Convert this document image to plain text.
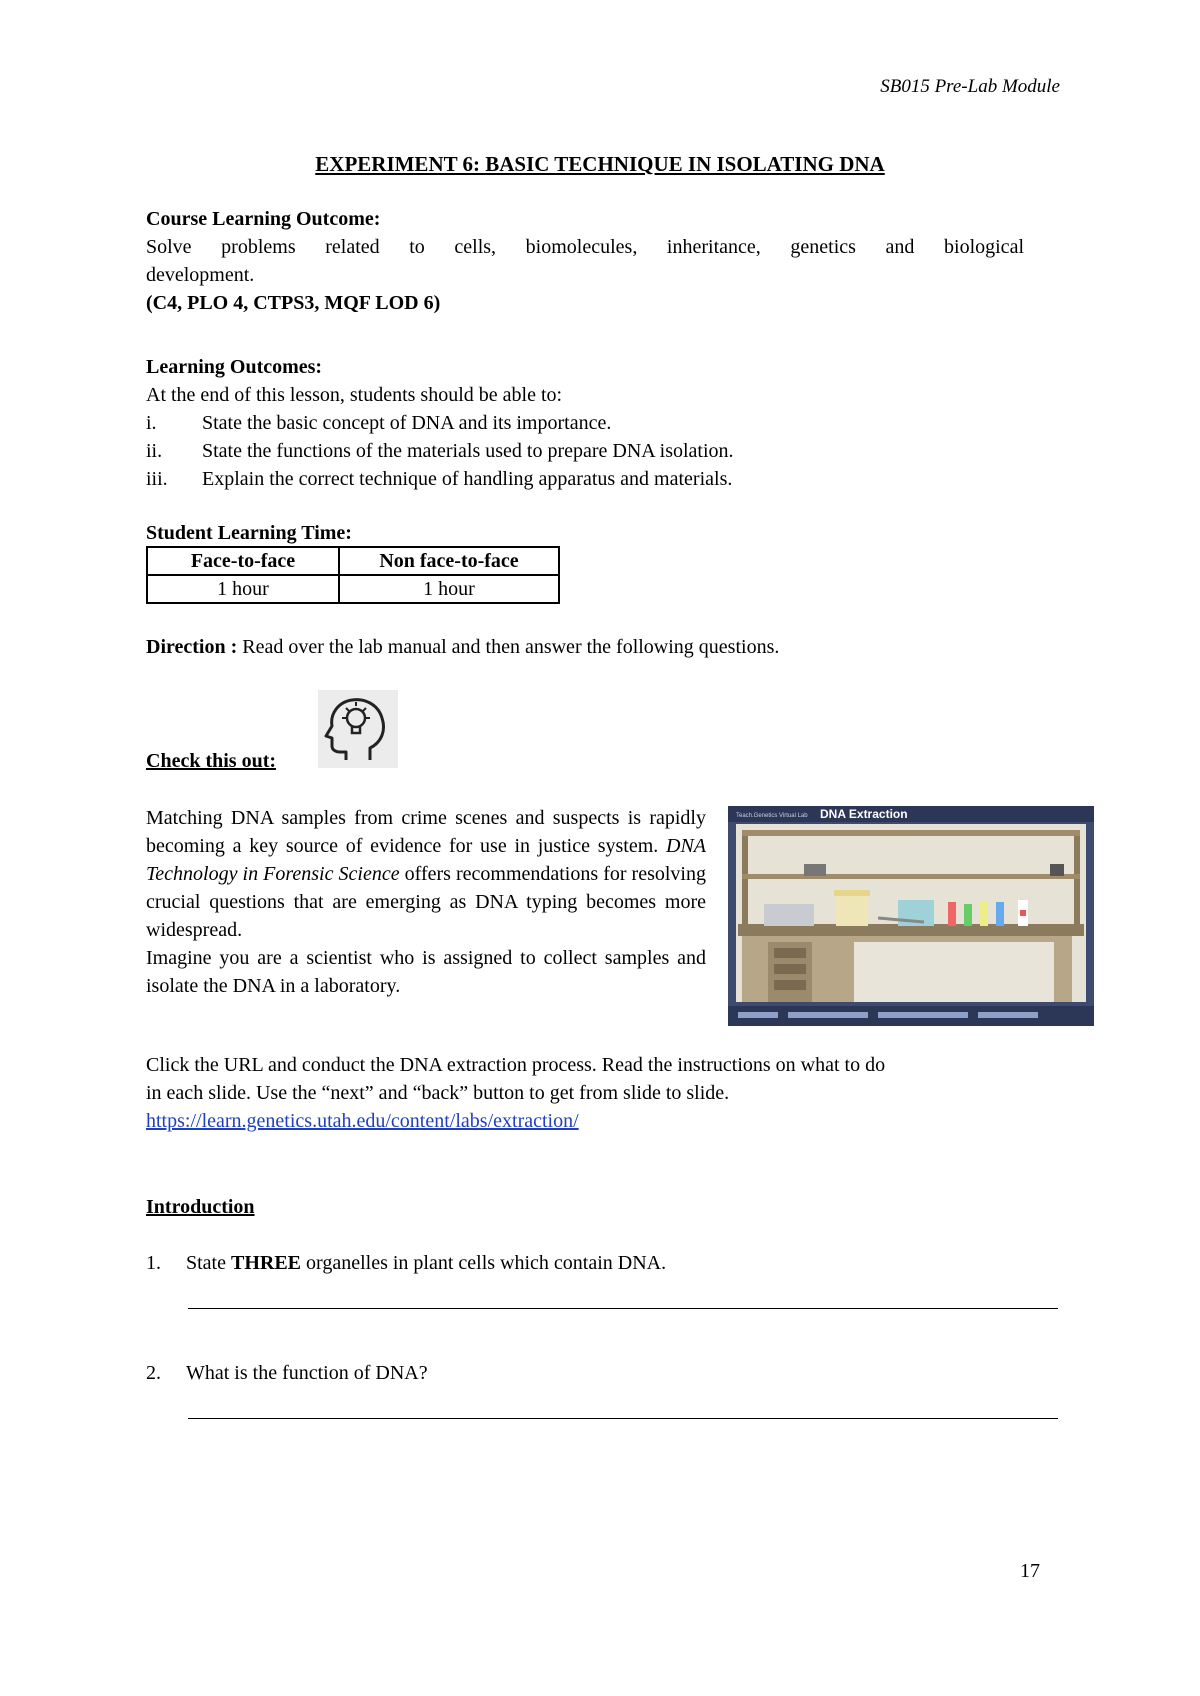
SB015 Pre-Lab Module
EXPERIMENT 6: BASIC TECHNIQUE IN ISOLATING DNA
Course Learning Outcome:
Solve problems related to cells, biomolecules, inheritance, genetics and biological
development.
(C4, PLO 4, CTPS3, MQF LOD 6)
Learning Outcomes:
At the end of this lesson, students should be able to:
i. State the basic concept of DNA and its importance.
ii. State the functions of the materials used to prepare DNA isolation.
iii. Explain the correct technique of handling apparatus and materials.
Student Learning Time:
Face-to-face	Non face-to-face
1 hour	1 hour
Direction : Read over the lab manual and then answer the following questions.
Check this out:

Matching DNA samples from crime scenes and suspects is rapidly becoming a key source of evidence for use in justice system. DNA Technology in Forensic Science offers recommendations for resolving crucial questions that are emerging as DNA typing becomes more widespread.

Imagine you are a scientist who is assigned to collect samples and isolate the DNA in a laboratory.

Teach.Genetics Virtual Lab DNA Extraction
Click the URL and conduct the DNA extraction process. Read the instructions on what to do
in each slide. Use the “next” and “back” button to get from slide to slide.
https://learn.genetics.utah.edu/content/labs/extraction/
Introduction
1. State THREE organelles in plant cells which contain DNA.
2. What is the function of DNA?
17
